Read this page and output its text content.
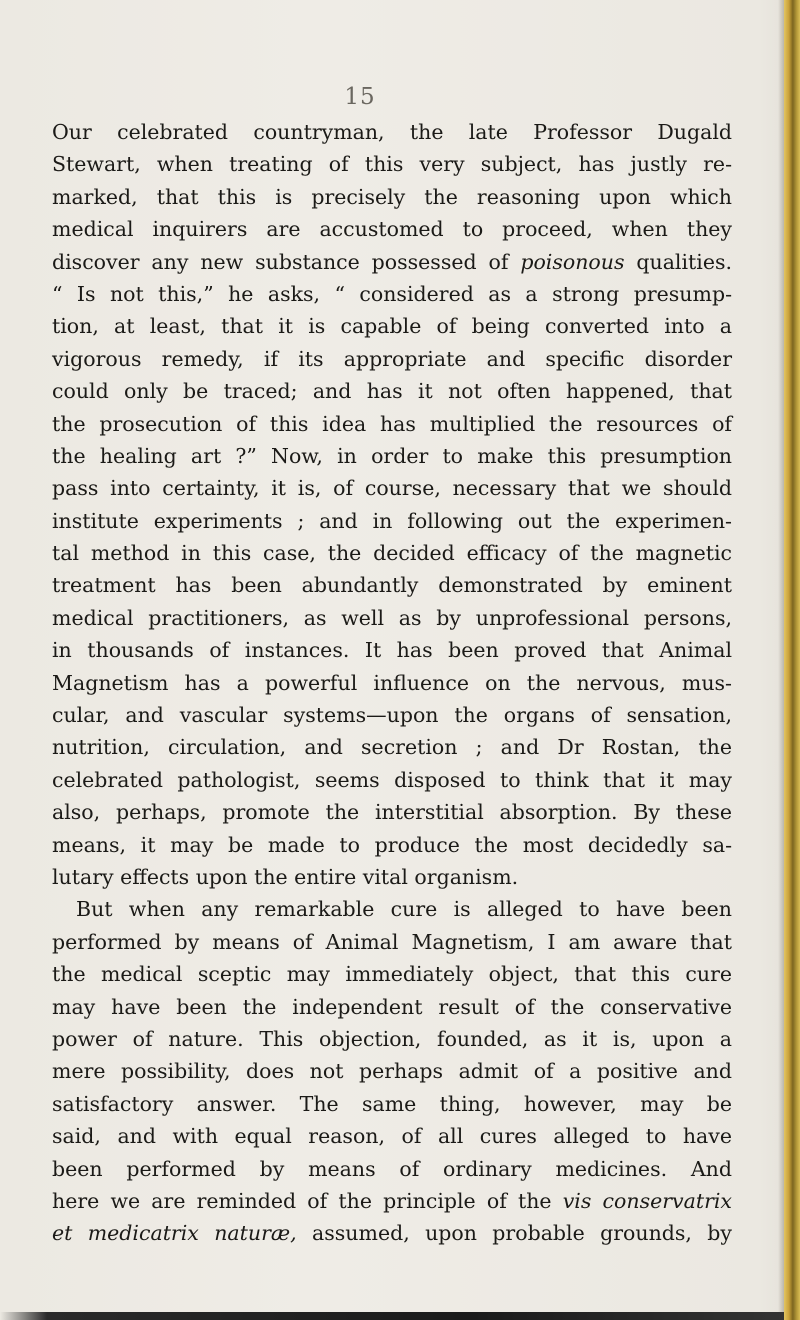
15
Our celebrated countryman, the late Professor Dugald
Stewart, when treating of this very subject, has justly re-
marked, that this is precisely the reasoning upon which
medical inquirers are accustomed to proceed, when they
discover any new substance possessed of poisonous qualities.
“ Is not this,” he asks, “ considered as a strong presump-
tion, at least, that it is capable of being converted into a
vigorous remedy, if its appropriate and specific disorder
could only be traced; and has it not often happened, that
the prosecution of this idea has multiplied the resources of
the healing art ?” Now, in order to make this presumption
pass into certainty, it is, of course, necessary that we should
institute experiments ; and in following out the experimen-
tal method in this case, the decided efficacy of the magnetic
treatment has been abundantly demonstrated by eminent
medical practitioners, as well as by unprofessional persons,
in thousands of instances. It has been proved that Animal
Magnetism has a powerful influence on the nervous, mus-
cular, and vascular systems—upon the organs of sensation,
nutrition, circulation, and secretion ; and Dr Rostan, the
celebrated pathologist, seems disposed to think that it may
also, perhaps, promote the interstitial absorption. By these
means, it may be made to produce the most decidedly sa-
lutary effects upon the entire vital organism.
But when any remarkable cure is alleged to have been
performed by means of Animal Magnetism, I am aware that
the medical sceptic may immediately object, that this cure
may have been the independent result of the conservative
power of nature. This objection, founded, as it is, upon a
mere possibility, does not perhaps admit of a positive and
satisfactory answer. The same thing, however, may be
said, and with equal reason, of all cures alleged to have
been performed by means of ordinary medicines. And
here we are reminded of the principle of the vis conservatrix
et medicatrix naturæ, assumed, upon probable grounds, by
